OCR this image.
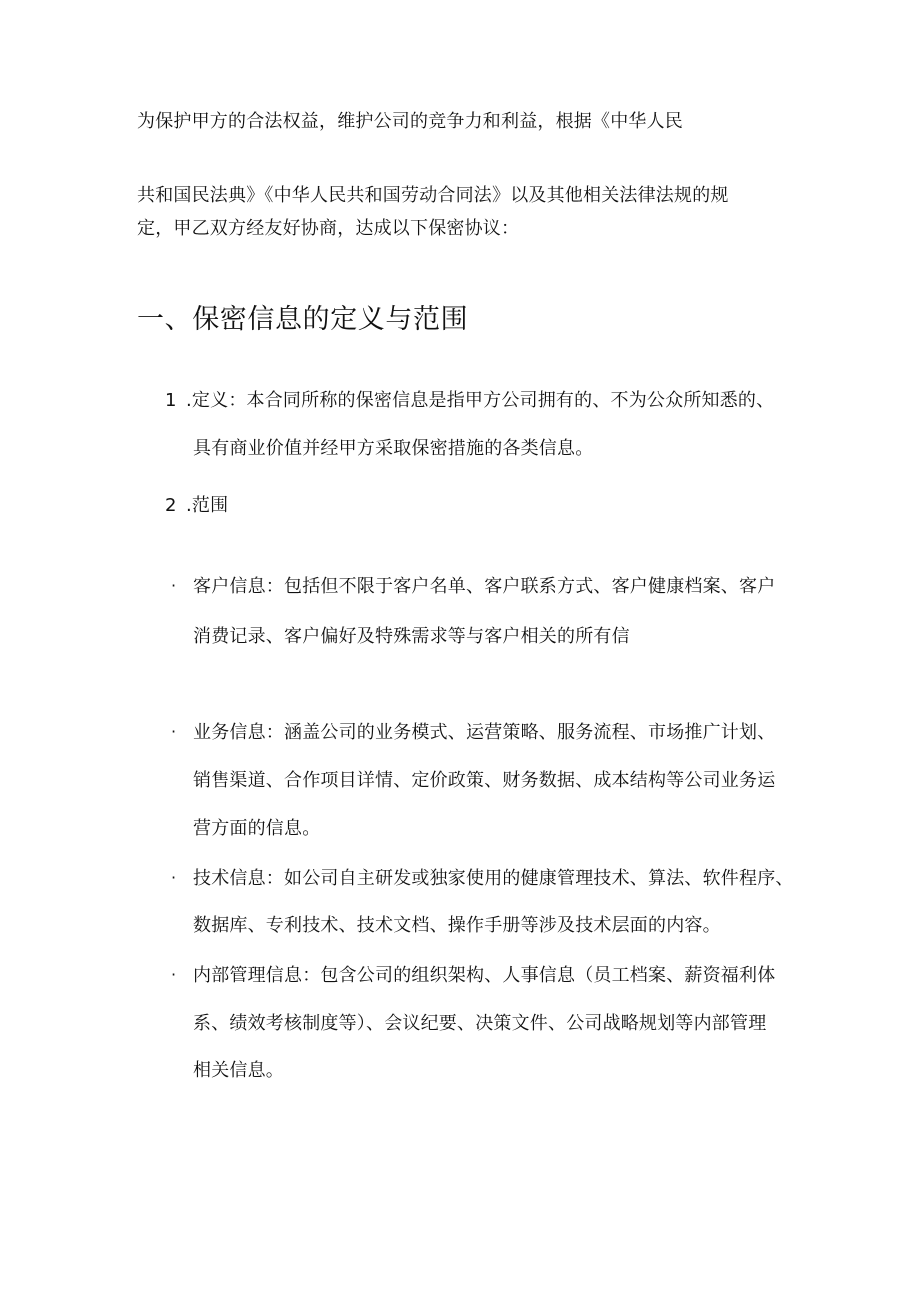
为保护甲方的合法权益，维护公司的竞争力和利益，根据《中华人民
共和国民法典》《中华人民共和国劳动合同法》以及其他相关法律法规的规
定，甲乙双方经友好协商，达成以下保密协议：
一、保密信息的定义与范围
1 .定义：本合同所称的保密信息是指甲方公司拥有的、不为公众所知悉的、
具有商业价值并经甲方采取保密措施的各类信息。
2 .范围
· 客户信息：包括但不限于客户名单、客户联系方式、客户健康档案、客户
消费记录、客户偏好及特殊需求等与客户相关的所有信
· 业务信息：涵盖公司的业务模式、运营策略、服务流程、市场推广计划、
销售渠道、合作项目详情、定价政策、财务数据、成本结构等公司业务运
营方面的信息。
· 技术信息：如公司自主研发或独家使用的健康管理技术、算法、软件程序、
数据库、专利技术、技术文档、操作手册等涉及技术层面的内容。
· 内部管理信息：包含公司的组织架构、人事信息（员工档案、薪资福利体
系、绩效考核制度等）、会议纪要、决策文件、公司战略规划等内部管理
相关信息。
